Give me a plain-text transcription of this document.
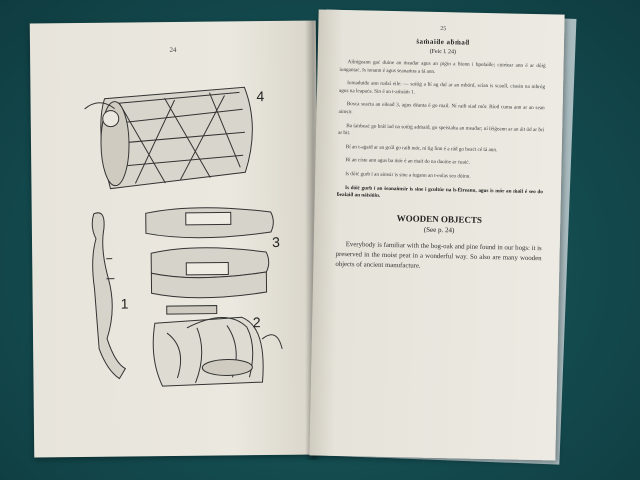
24
4
1
3
2
25
ṡaṁaiḋe aḃṁaḋ
(Feic l. 24)
Aiṫniġeann gaċ duine an ṁeaḋar agus an piġin a ḃíonn i bpoṫaiḋe; cuirṫear ann é ar dóiġ iongantaċ. Is ionann é agus ṡeanaṁra a ṫá ann.
Iomaduiḋe ann rudaí eile: — soiṫiġ a ḃí ag dul ar an mbórd, scían is scaoll, ciseán na mbróg agus na leapaċa. Sin é an t-aṁráṁ 1.
Bosca seaċta an eiṫeaḋ 3, agus déanta é go maiṫ. Ní raiḃ siad mór. Bíoḋ cuma ann ar an sean aimsir.
Ba ṫairbeaċ go bráṫ iad na soiṫiġ adṁaiḋ, go speisialta an meaḋar; ní ṫéiġeann ar an áit úd ar ḃrí ar bit.
Bí an t-aġaiḋ ar an gcúl go raiḃ mór, ní ṫig linn é a ráḋ go beaċt cé ṫá ann.
Bí an císte ann agus ba ṁór é an ṁaiṫ do na daoine ar ċuaiċ.
Is dóiċ gurb í an aimsir is sine a ṫugann an t-eolas seo dúinn.
Is dóiċ gurb í an ṡeanaimsir is sine i gcultúr na h-Éireann, agus is mór an ṁaiṫ é seo do ḃeaṫaiḋ an náisiúin.
WOODEN OBJECTS
(See p. 24)
Everybody is familiar with the bog-oak and pine found in our bogs: it is preserved in the moist peat in a wonderful way. So also are many wooden objects of ancient manufacture.
